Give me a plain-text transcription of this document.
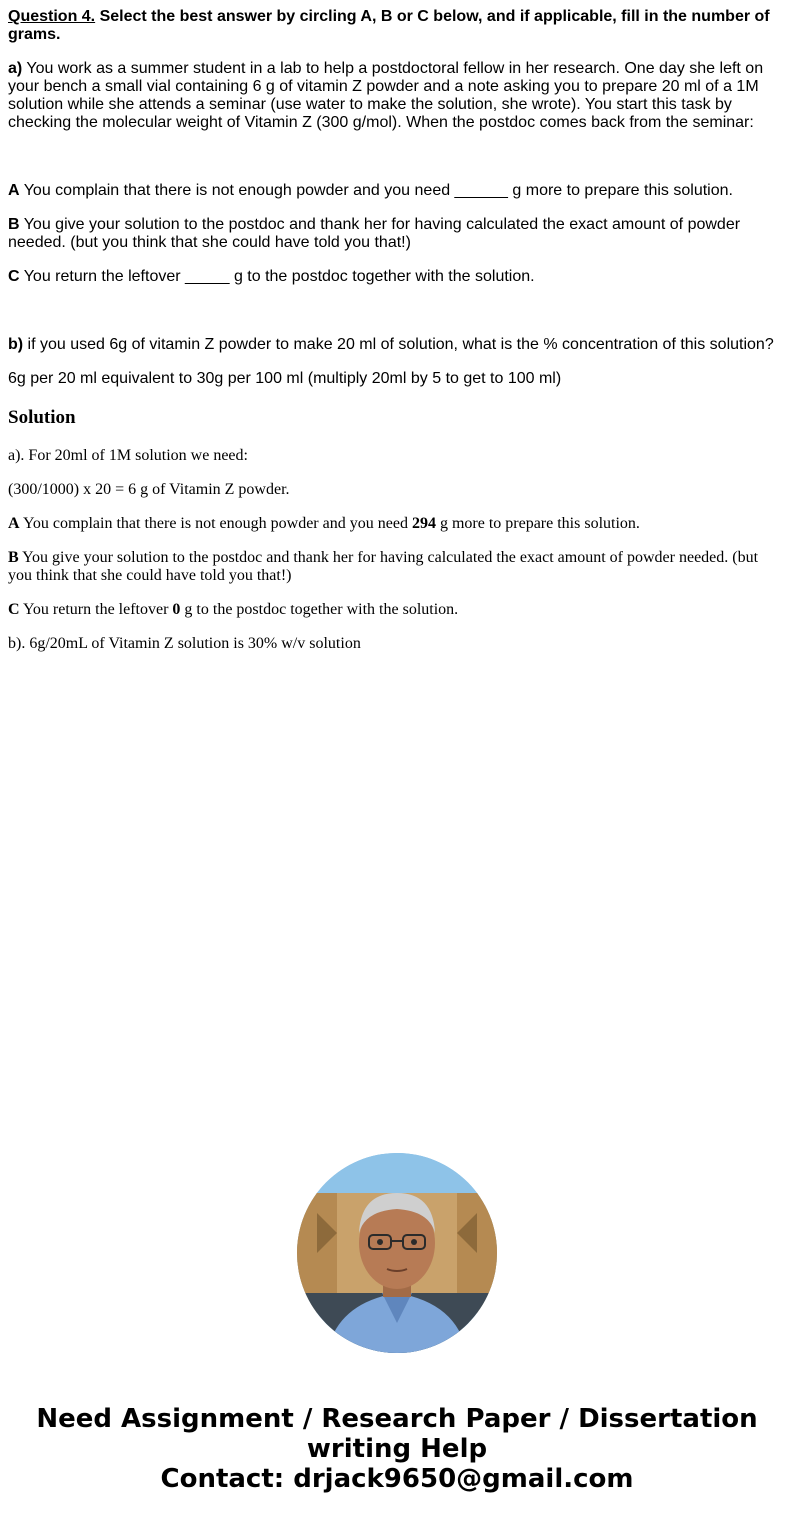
Question 4. Select the best answer by circling A, B or C below, and if applicable, fill in the number of grams.

a) You work as a summer student in a lab to help a postdoctoral fellow in her research. One day she left on your bench a small vial containing 6 g of vitamin Z powder and a note asking you to prepare 20 ml of a 1M solution while she attends a seminar (use water to make the solution, she wrote). You start this task by checking the molecular weight of Vitamin Z (300 g/mol). When the postdoc comes back from the seminar:

A You complain that there is not enough powder and you need ______ g more to prepare this solution.

B You give your solution to the postdoc and thank her for having calculated the exact amount of powder needed. (but you think that she could have told you that!)

C You return the leftover _____ g to the postdoc together with the solution.

b) if you used 6g of vitamin Z powder to make 20 ml of solution, what is the % concentration of this solution?

6g per 20 ml equivalent to 30g per 100 ml (multiply 20ml by 5 to get to 100 ml)

Solution

a). For 20ml of 1M solution we need:

(300/1000) x 20 = 6 g of Vitamin Z powder.

A You complain that there is not enough powder and you need 294 g more to prepare this solution.

B You give your solution to the postdoc and thank her for having calculated the exact amount of powder needed. (but you think that she could have told you that!)

C You return the leftover 0 g to the postdoc together with the solution.

b). 6g/20mL of Vitamin Z solution is 30% w/v solution

Need Assignment / Research Paper / Dissertation
writing Help
Contact: drjack9650@gmail.com
